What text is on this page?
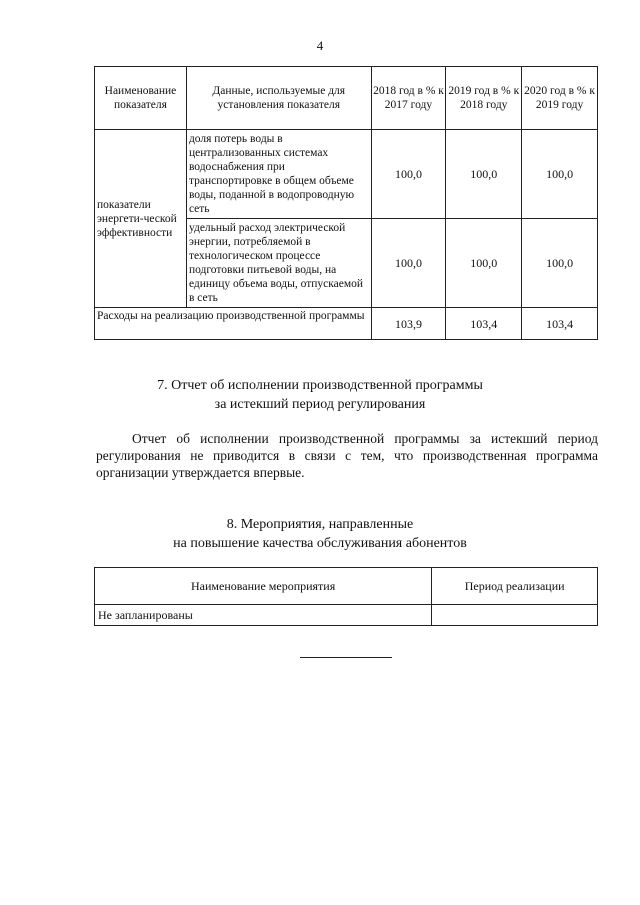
4
Наименование показателя	Данные, используемые для установления показателя	2018 год в % к 2017 году	2019 год в % к 2018 году	2020 год в % к 2019 году
показатели энергети-ческой эффективности	доля потерь воды в централизованных системах водоснабжения при транспортировке в общем объеме воды, поданной в водопроводную сеть	100,0	100,0	100,0
	удельный расход электрической энергии, потребляемой в технологическом процессе подготовки питьевой воды, на единицу объема воды, отпускаемой в сеть	100,0	100,0	100,0
Расходы на реализацию производственной программы		103,9	103,4	103,4
7. Отчет об исполнении производственной программы
за истекший период регулирования
Отчет об исполнении производственной программы за истекший период регулирования не приводится в связи с тем, что производственная программа организации утверждается впервые.
8. Мероприятия, направленные
на повышение качества обслуживания абонентов
Наименование мероприятия	Период реализации
Не запланированы	
